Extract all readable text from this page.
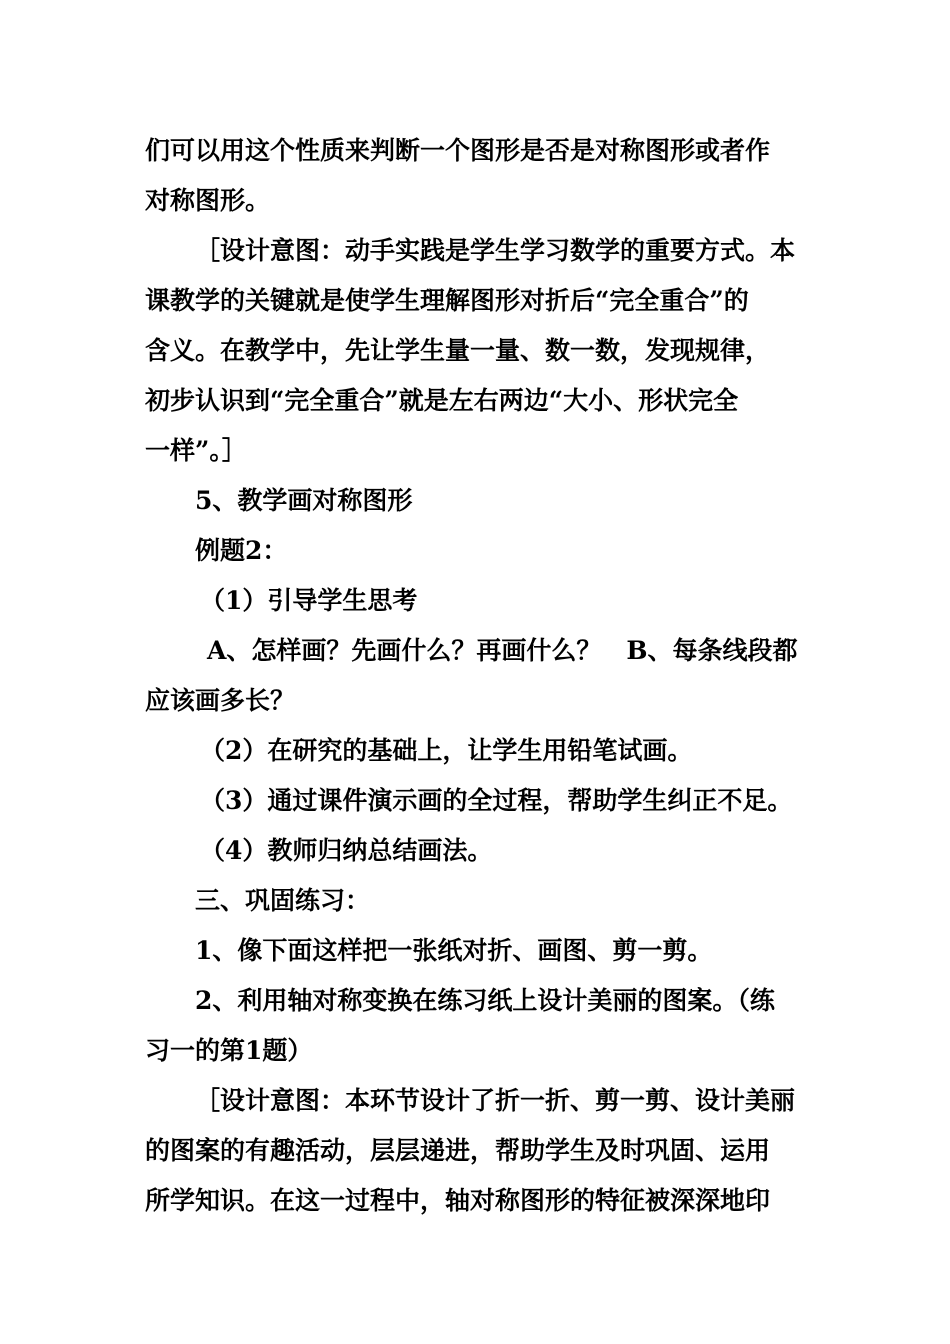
们可以用这个性质来判断一个图形是否是对称图形或者作
对称图形。
［设计意图：动手实践是学生学习数学的重要方式。本
课教学的关键就是使学生理解图形对折后“完全重合”的
含义。在教学中，先让学生量一量、数一数，发现规律，
初步认识到“完全重合”就是左右两边“大小、形状完全
一样”。］
5、教学画对称图形
例题2：
（1）引导学生思考
A、怎样画？先画什么？再画什么？　B、每条线段都
应该画多长？
（2）在研究的基础上，让学生用铅笔试画。
（3）通过课件演示画的全过程，帮助学生纠正不足。
（4）教师归纳总结画法。
三、巩固练习：
1、像下面这样把一张纸对折、画图、剪一剪。
2、利用轴对称变换在练习纸上设计美丽的图案。（练
习一的第1题）
［设计意图：本环节设计了折一折、剪一剪、设计美丽
的图案的有趣活动，层层递进，帮助学生及时巩固、运用
所学知识。在这一过程中，轴对称图形的特征被深深地印
